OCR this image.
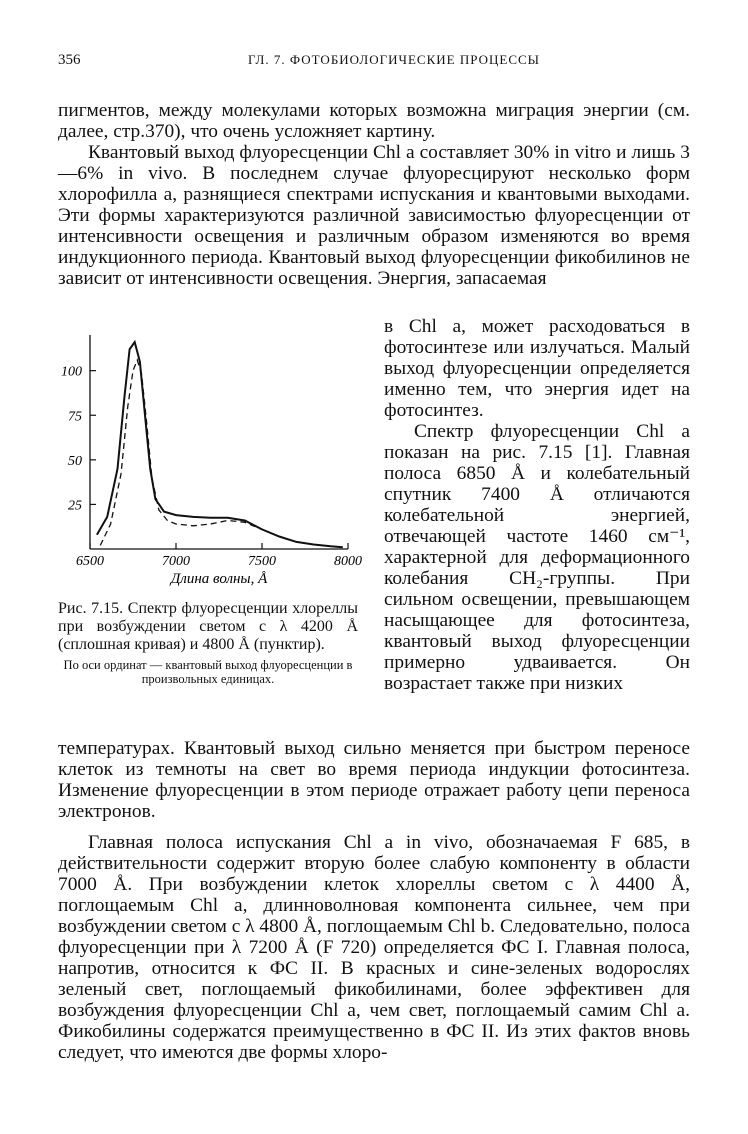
356	ГЛ. 7. ФОТОБИОЛОГИЧЕСКИЕ ПРОЦЕССЫ

пигментов, между молекулами которых возможна миграция энергии (см. далее, стр.370), что очень усложняет картину.

Квантовый выход флуоресценции Chl a составляет 30% in vitro и лишь 3—6% in vivo. В последнем случае флуоресцируют несколько форм хлорофилла a, разнящиеся спектрами испускания и квантовыми выходами. Эти формы характеризуются различной зависимостью флуоресценции от интенсивности освещения и различным образом изменяются во время индукционного периода. Квантовый выход флуоресценции фикобилинов не зависит от интенсивности освещения. Энергия, запасаемая

25
50
75
100
6500	7000	7500	8000
Длина волны, Å
Рис. 7.15. Спектр флуоресценции хлореллы при возбуждении светом с λ 4200 Å (сплошная кривая) и 4800 Å (пунктир).
По оси ординат — квантовый выход флуоресценции в произвольных единицах.

в Chl a, может расходоваться в фотосинтезе или излучаться. Малый выход флуоресценции определяется именно тем, что энергия идет на фотосинтез.

Спектр флуоресценции Chl a показан на рис. 7.15 [1]. Главная полоса 6850 Å и колебательный спутник 7400 Å отличаются колебательной энергией, отвечающей частоте 1460 см⁻¹, характерной для деформационного колебания CH₂-группы. При сильном освещении, превышающем насыщающее для фотосинтеза, квантовый выход флуоресценции примерно удваивается. Он возрастает также при низких

температурах. Квантовый выход сильно меняется при быстром переносе клеток из темноты на свет во время периода индукции фотосинтеза. Изменение флуоресценции в этом периоде отражает работу цепи переноса электронов.

Главная полоса испускания Chl a in vivo, обозначаемая F 685, в действительности содержит вторую более слабую компоненту в области 7000 Å. При возбуждении клеток хлореллы светом с λ 4400 Å, поглощаемым Chl a, длинноволновая компонента сильнее, чем при возбуждении светом с λ 4800 Å, поглощаемым Chl b. Следовательно, полоса флуоресценции при λ 7200 Å (F 720) определяется ФС I. Главная полоса, напротив, относится к ФС II. В красных и сине-зеленых водорослях зеленый свет, поглощаемый фикобилинами, более эффективен для возбуждения флуоресценции Chl a, чем свет, поглощаемый самим Chl a. Фикобилины содержатся преимущественно в ФС II. Из этих фактов вновь следует, что имеются две формы хлоро-
